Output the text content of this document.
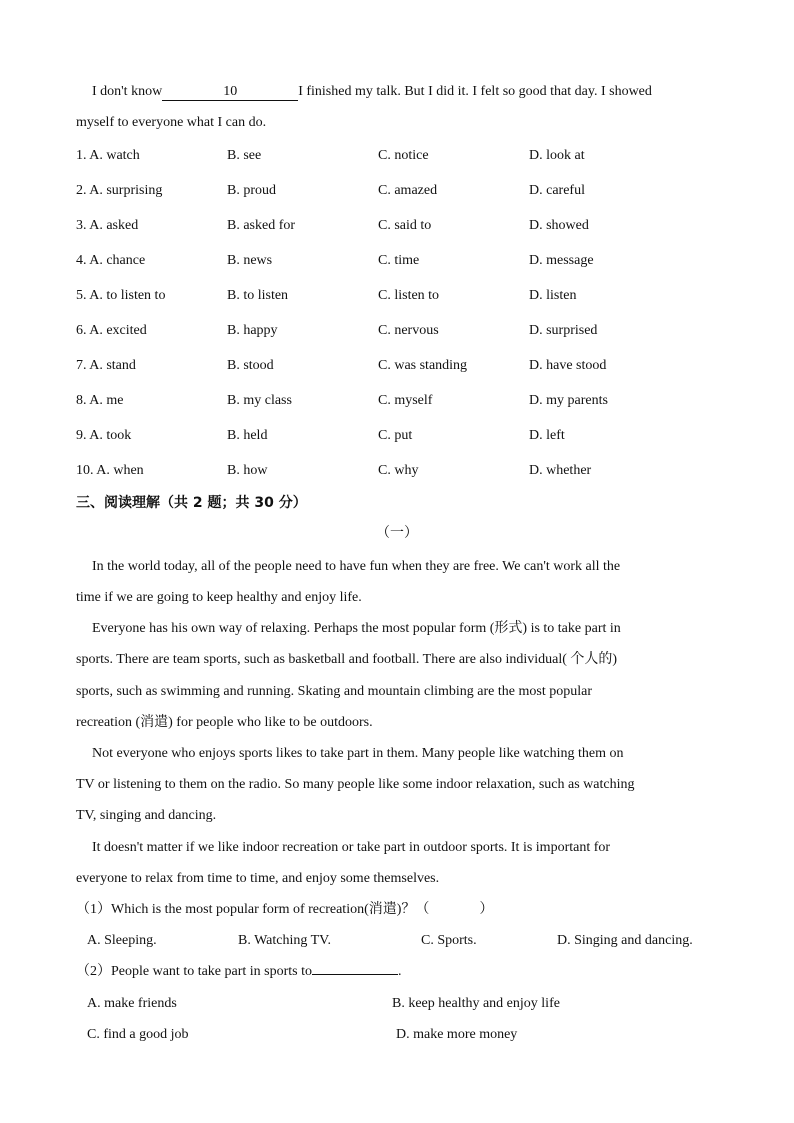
I don't know	10	I finished my talk. But I did it. I felt so good that day. I showed
myself to everyone what I can do.
1. A. watch	B. see	C. notice	D. look at
2. A. surprising	B. proud	C. amazed	D. careful
3. A. asked	B. asked for	C. said to	D. showed
4. A. chance	B. news	C. time	D. message
5. A. to listen to	B. to listen	C. listen to	D. listen
6. A. excited	B. happy	C. nervous	D. surprised
7. A. stand	B. stood	C. was standing	D. have stood
8. A. me	B. my class	C. myself	D. my parents
9. A. took	B. held	C. put	D. left
10. A. when	B. how	C. why	D. whether
三、阅读理解（共 2 题；共 30 分）
（一）
In the world today, all of the people need to have fun when they are free. We can't work all the
time if we are going to keep healthy and enjoy life.
Everyone has his own way of relaxing. Perhaps the most popular form (形式) is to take part in
sports. There are team sports, such as basketball and football. There are also individual( 个人的)
sports, such as swimming and running. Skating and mountain climbing are the most popular
recreation (消遣) for people who like to be outdoors.
Not everyone who enjoys sports likes to take part in them. Many people like watching them on
TV or listening to them on the radio. So many people like some indoor relaxation, such as watching
TV, singing and dancing.
It doesn't matter if we like indoor recreation or take part in outdoor sports. It is important for
everyone to relax from time to time, and enjoy some themselves.
（1）Which is the most popular form of recreation(消遣)？（	）
A. Sleeping.	B. Watching TV.	C. Sports.	D. Singing and dancing.
（2）People want to take part in sports to	.
A. make friends	B. keep healthy and enjoy life
C. find a good job	D. make more money
